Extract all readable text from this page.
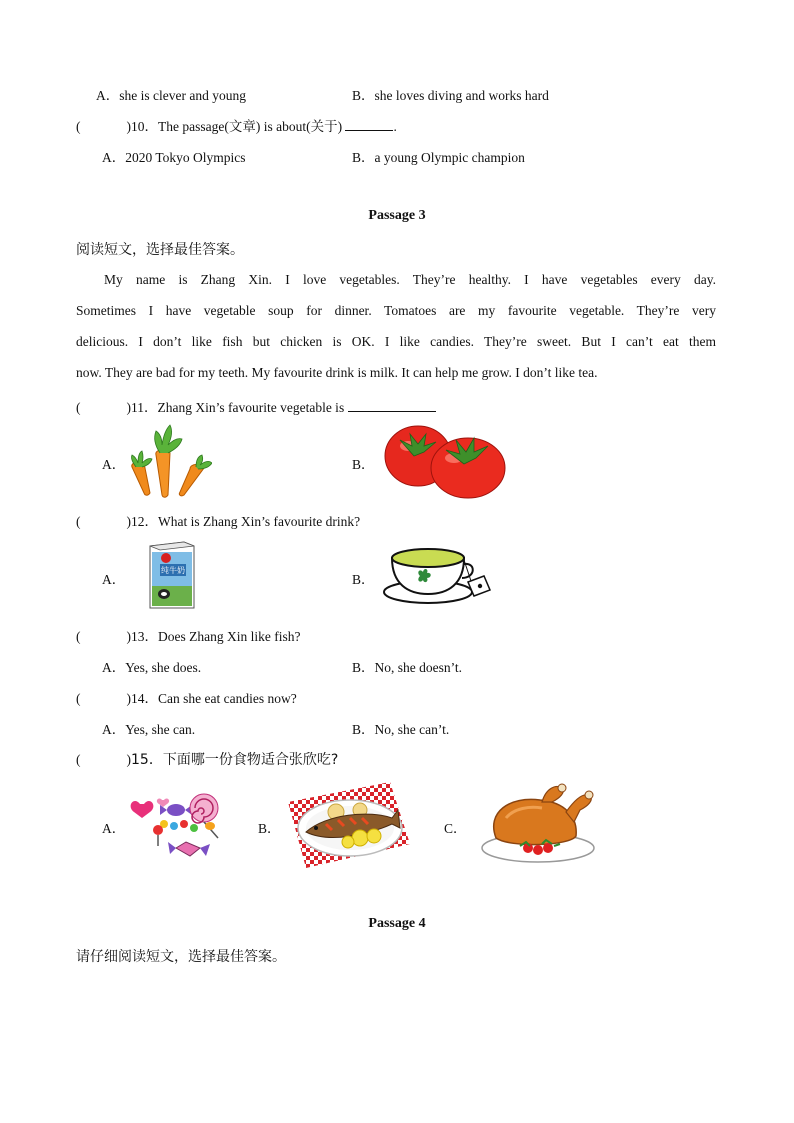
A．she is clever and young	B．she loves diving and works hard
(	)10．The passage(文章) is about(关于)	.
A．2020 Tokyo Olympics	B．a young Olympic champion
Passage 3
阅读短文，选择最佳答案。
My name is Zhang Xin. I love vegetables. They’re healthy. I have vegetables every day.
Sometimes I have vegetable soup for dinner. Tomatoes are my favourite vegetable. They’re very
delicious. I don’t like fish but chicken is OK. I like candies. They’re sweet. But I can’t eat them
now. They are bad for my teeth. My favourite drink is milk. It can help me grow. I don’t like tea.
(	)11．Zhang Xin’s favourite vegetable is
A．	B．
(	)12．What is Zhang Xin’s favourite drink?
A．
纯牛奶
B．
(	)13．Does Zhang Xin like fish?
A．Yes, she does.	B．No, she doesn’t.
(	)14．Can she eat candies now?
A．Yes, she can.	B．No, she can’t.
(	)15．下面哪一份食物适合张欣吃?
A．	B．	C．
Passage 4
请仔细阅读短文，选择最佳答案。
